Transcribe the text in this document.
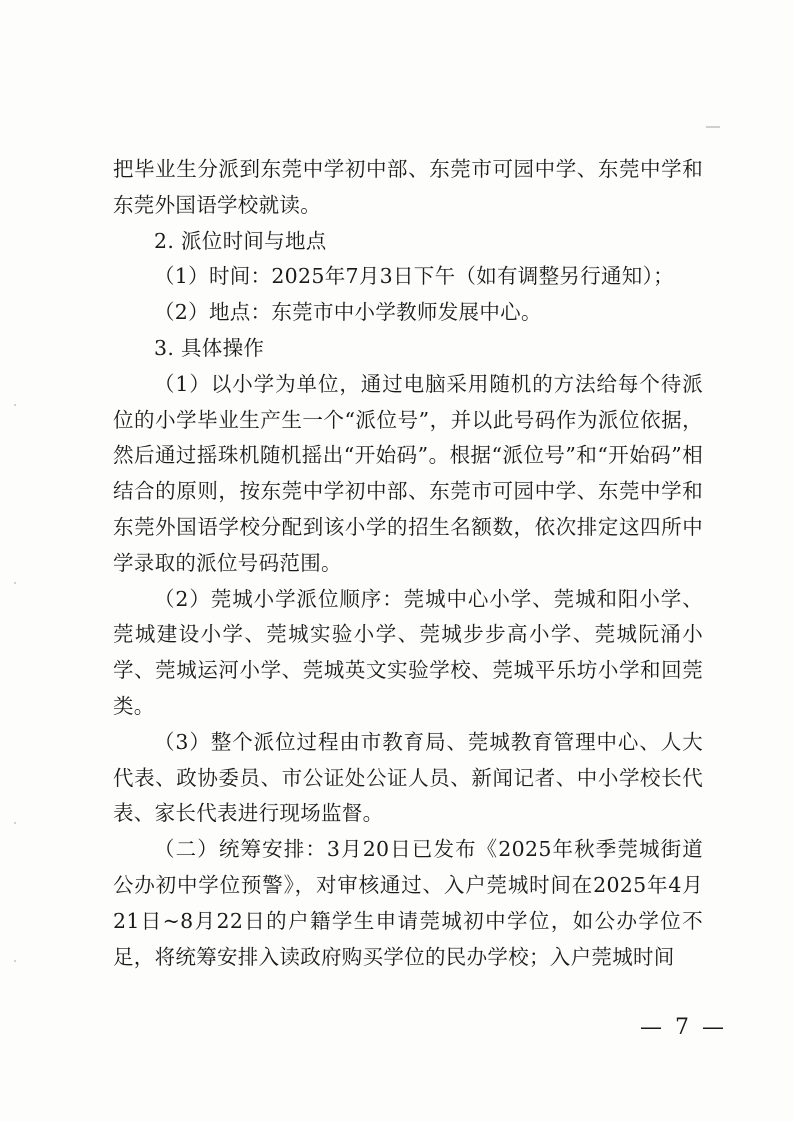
把毕业生分派到东莞中学初中部、东莞市可园中学、东莞中学和东莞外国语学校就读。

2. 派位时间与地点

（1）时间：2025年7月3日下午（如有调整另行通知）；

（2）地点：东莞市中小学教师发展中心。

3. 具体操作

（1）以小学为单位，通过电脑采用随机的方法给每个待派位的小学毕业生产生一个“派位号”，并以此号码作为派位依据，然后通过摇珠机随机摇出“开始码”。根据“派位号”和“开始码”相结合的原则，按东莞中学初中部、东莞市可园中学、东莞中学和东莞外国语学校分配到该小学的招生名额数，依次排定这四所中学录取的派位号码范围。

（2）莞城小学派位顺序：莞城中心小学、莞城和阳小学、莞城建设小学、莞城实验小学、莞城步步高小学、莞城阮涌小学、莞城运河小学、莞城英文实验学校、莞城平乐坊小学和回莞类。

（3）整个派位过程由市教育局、莞城教育管理中心、人大代表、政协委员、市公证处公证人员、新闻记者、中小学校长代表、家长代表进行现场监督。

（二）统筹安排：3月20日已发布《2025年秋季莞城街道公办初中学位预警》，对审核通过、入户莞城时间在2025年4月21日~8月22日的户籍学生申请莞城初中学位，如公办学位不足，将统筹安排入读政府购买学位的民办学校；入户莞城时间

— 7 —
